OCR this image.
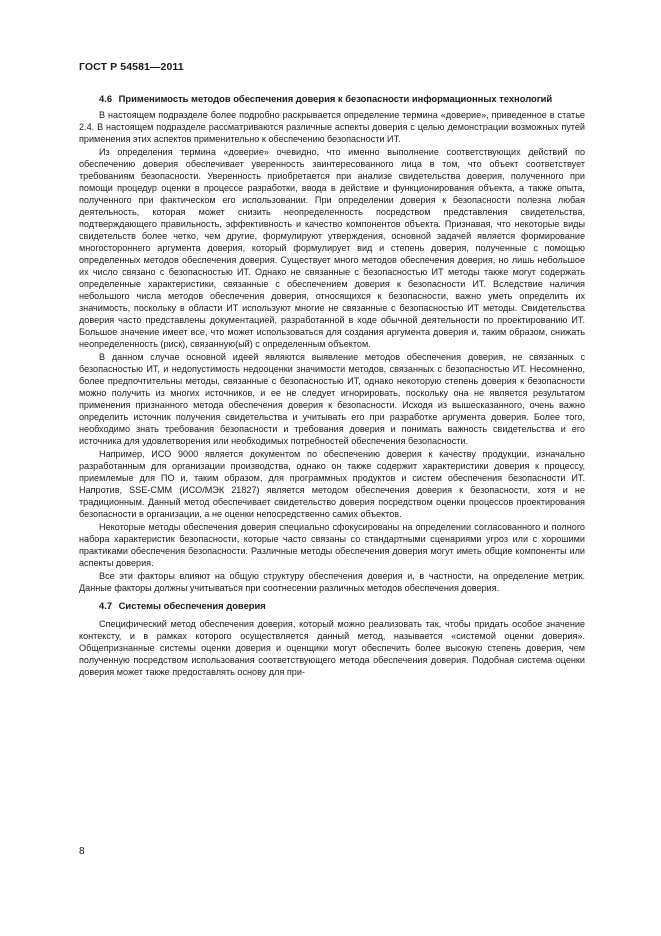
ГОСТ Р 54581—2011
4.6 Применимость методов обеспечения доверия к безопасности информационных технологий

В настоящем подразделе более подробно раскрывается определение термина «доверие», приведенное в статье 2.4. В настоящем подразделе рассматриваются различные аспекты доверия с целью демонстрации возможных путей применения этих аспектов применительно к обеспечению безопасности ИТ.

Из определения термина «доверие» очевидно, что именно выполнение соответствующих действий по обеспечению доверия обеспечивает уверенность заинтересованного лица в том, что объект соответствует требованиям безопасности. Уверенность приобретается при анализе свидетельства доверия, полученного при помощи процедур оценки в процессе разработки, ввода в действие и функционирования объекта, а также опыта, полученного при фактическом его использовании. При определении доверия к безопасности полезна любая деятельность, которая может снизить неопределенность посредством представления свидетельства, подтверждающего правильность, эффективность и качество компонентов объекта. Признавая, что некоторые виды свидетельств более четко, чем другие, формулируют утверждения, основной задачей является формирование многостороннего аргумента доверия, который формулирует вид и степень доверия, полученные с помощью определенных методов обеспечения доверия. Существует много методов обеспечения доверия, но лишь небольшое их число связано с безопасностью ИТ. Однако не связанные с безопасностью ИТ методы также могут содержать определенные характеристики, связанные с обеспечением доверия к безопасности ИТ. Вследствие наличия небольшого числа методов обеспечения доверия, относящихся к безопасности, важно уметь определить их значимость, поскольку в области ИТ используют многие не связанные с безопасностью ИТ методы. Свидетельства доверия часто представлены документацией, разработанной в ходе обычной деятельности по проектированию ИТ. Большое значение имеет все, что может использоваться для создания аргумента доверия и, таким образом, снижать неопределенность (риск), связанную(ый) с определенным объектом.

В данном случае основной идеей являются выявление методов обеспечения доверия, не связанных с безопасностью ИТ, и недопустимость недооценки значимости методов, связанных с безопасностью ИТ. Несомненно, более предпочтительны методы, связанные с безопасностью ИТ, однако некоторую степень доверия к безопасности можно получить из многих источников, и ее не следует игнорировать, поскольку она не является результатом применения признанного метода обеспечения доверия к безопасности. Исходя из вышесказанного, очень важно определить источник получения свидетельства и учитывать его при разработке аргумента доверия. Более того, необходимо знать требования безопасности и требования доверия и понимать важность свидетельства и его источника для удовлетворения или необходимых потребностей обеспечения безопасности.

Например, ИСО 9000 является документом по обеспечению доверия к качеству продукции, изначально разработанным для организации производства, однако он также содержит характеристики доверия к процессу, приемлемые для ПО и, таким образом, для программных продуктов и систем обеспечения безопасности ИТ. Напротив, SSE-CMM (ИСО/МЭК 21827) является методом обеспечения доверия к безопасности, хотя и не традиционным. Данный метод обеспечивает свидетельство доверия посредством оценки процессов проектирования безопасности в организации, а не оценки непосредственно самих объектов.

Некоторые методы обеспечения доверия специально сфокусированы на определении согласованного и полного набора характеристик безопасности, которые часто связаны со стандартными сценариями угроз или с хорошими практиками обеспечения безопасности. Различные методы обеспечения доверия могут иметь общие компоненты или аспекты доверия.

Все эти факторы влияют на общую структуру обеспечения доверия и, в частности, на определение метрик. Данные факторы должны учитываться при соотнесении различных методов обеспечения доверия.

4.7 Системы обеспечения доверия

Специфический метод обеспечения доверия, который можно реализовать так, чтобы придать особое значение контексту, и в рамках которого осуществляется данный метод, называется «системой оценки доверия». Общепризнанные системы оценки доверия и оценщики могут обеспечить более высокую степень доверия, чем полученную посредством использования соответствующего метода обеспечения доверия. Подобная система оценки доверия может также предоставлять основу для при-

8
